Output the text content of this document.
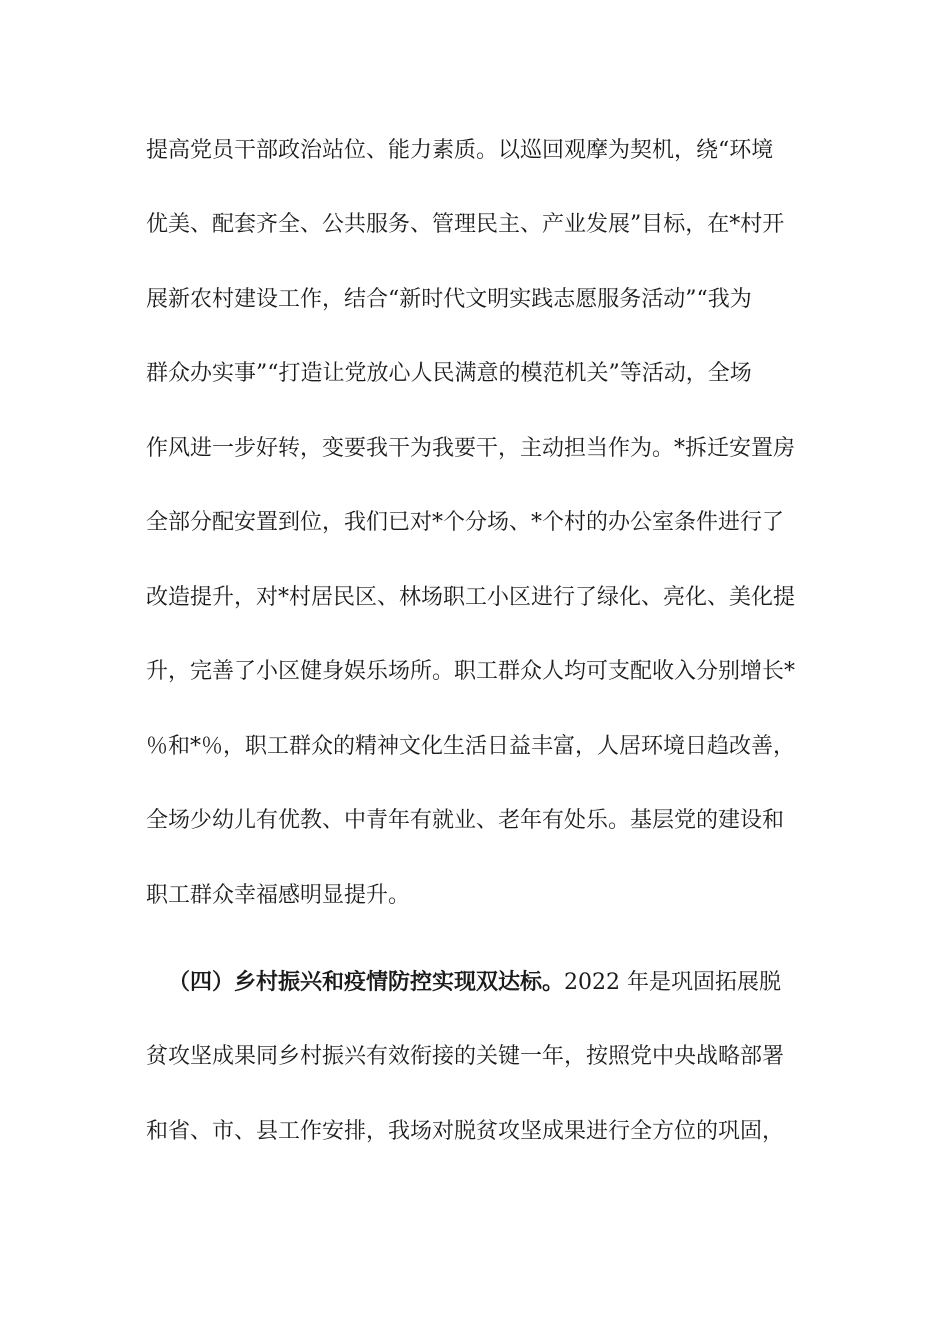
提高党员干部政治站位、能力素质。以巡回观摩为契机，绕“环境
优美、配套齐全、公共服务、管理民主、产业发展”目标，在*村开
展新农村建设工作，结合“新时代文明实践志愿服务活动”“我为
群众办实事”“打造让党放心人民满意的模范机关”等活动，全场
作风进一步好转，变要我干为我要干，主动担当作为。*拆迁安置房
全部分配安置到位，我们已对*个分场、*个村的办公室条件进行了
改造提升，对*村居民区、林场职工小区进行了绿化、亮化、美化提
升，完善了小区健身娱乐场所。职工群众人均可支配收入分别增长*
％和*％，职工群众的精神文化生活日益丰富，人居环境日趋改善，
全场少幼儿有优教、中青年有就业、老年有处乐。基层党的建设和
职工群众幸福感明显提升。
（四）乡村振兴和疫情防控实现双达标。2022 年是巩固拓展脱
贫攻坚成果同乡村振兴有效衔接的关键一年，按照党中央战略部署
和省、市、县工作安排，我场对脱贫攻坚成果进行全方位的巩固，
